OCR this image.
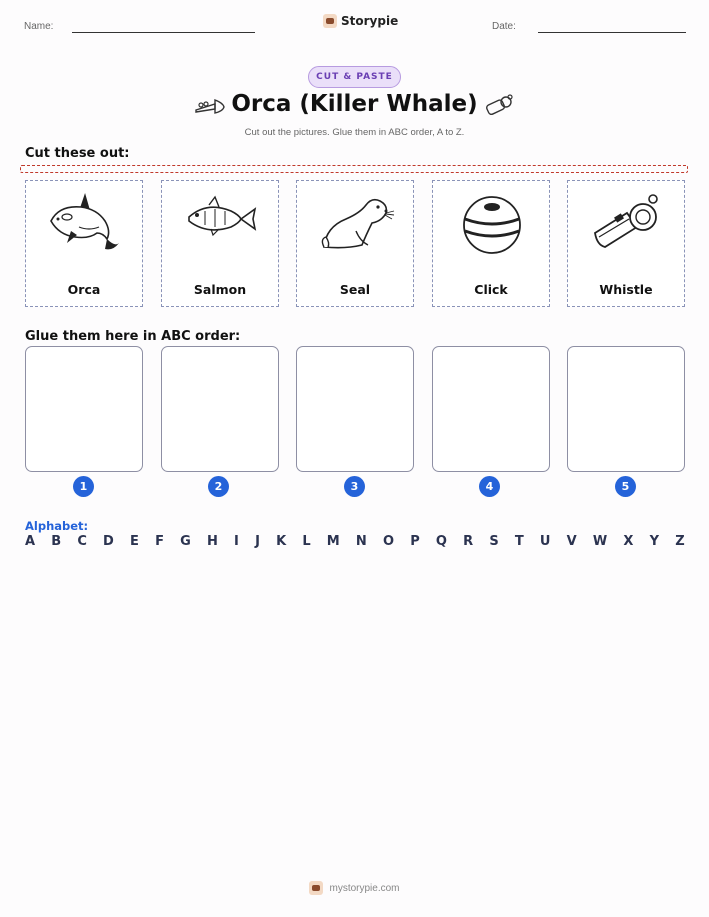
Name:	Storypie	Date:
CUT & PASTE
Orca (Killer Whale)
Cut out the pictures. Glue them in ABC order, A to Z.
Cut these out:
Orca	Salmon	Seal	Click	Whistle
Glue them here in ABC order:
1	2	3	4	5
Alphabet:
A B C D E F G H I J K L M N O P Q R S T U V W X Y Z
mystorypie.com
